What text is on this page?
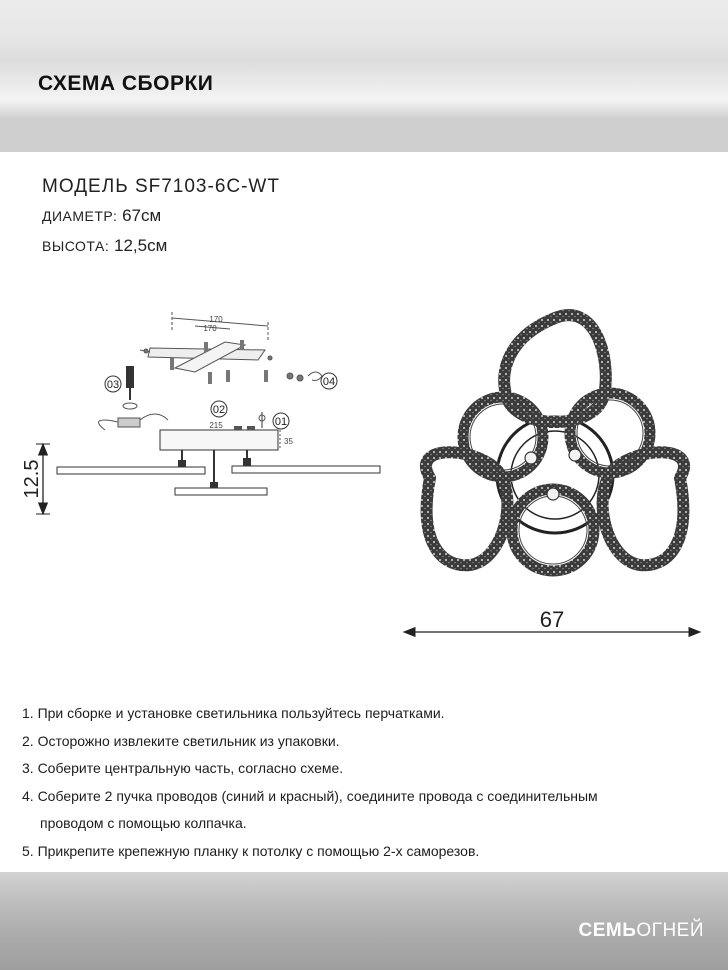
СХЕМА СБОРКИ
МОДЕЛЬ SF7103-6C-WT
ДИАМЕТР: 67см
ВЫСОТА: 12,5см
12.5
170
170
215
35
01
02
03	04
67
1. При сборке и установке светильника пользуйтесь перчатками.
2. Осторожно извлеките светильник из упаковки.
3. Соберите центральную часть, согласно схеме.
4. Соберите 2 пучка проводов (синий и красный), соедините провода с соединительным
проводом с помощью колпачка.
5. Прикрепите крепежную планку к потолку с помощью 2-х саморезов.
СЕМЬОГНЕЙ
